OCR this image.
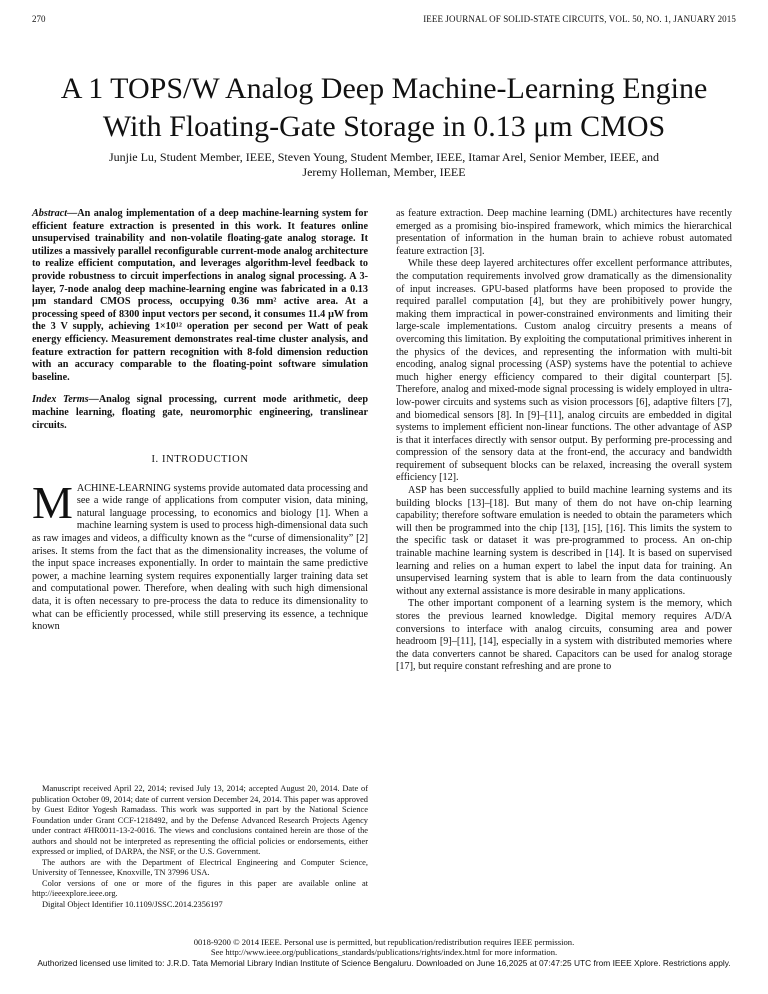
270	IEEE JOURNAL OF SOLID-STATE CIRCUITS, VOL. 50, NO. 1, JANUARY 2015
A 1 TOPS/W Analog Deep Machine-Learning Engine
With Floating-Gate Storage in 0.13 μm CMOS
Junjie Lu, Student Member, IEEE, Steven Young, Student Member, IEEE, Itamar Arel, Senior Member, IEEE, and
Jeremy Holleman, Member, IEEE
Abstract—An analog implementation of a deep machine-learning system for efficient feature extraction is presented in this work. It features online unsupervised trainability and non-volatile floating-gate analog storage. It utilizes a massively parallel reconfigurable current-mode analog architecture to realize efficient computation, and leverages algorithm-level feedback to provide robustness to circuit imperfections in analog signal processing. A 3-layer, 7-node analog deep machine-learning engine was fabricated in a 0.13 μm standard CMOS process, occupying 0.36 mm² active area. At a processing speed of 8300 input vectors per second, it consumes 11.4 μW from the 3 V supply, achieving 1×10¹² operation per second per Watt of peak energy efficiency. Measurement demonstrates real-time cluster analysis, and feature extraction for pattern recognition with 8-fold dimension reduction with an accuracy comparable to the floating-point software simulation baseline.
Index Terms—Analog signal processing, current mode arithmetic, deep machine learning, floating gate, neuromorphic engineering, translinear circuits.
I. INTRODUCTION
MACHINE-LEARNING systems provide automated data processing and see a wide range of applications from computer vision, data mining, natural language processing, to economics and biology [1]. When a machine learning system is used to process high-dimensional data such as raw images and videos, a difficulty known as the “curse of dimensionality” [2] arises. It stems from the fact that as the dimensionality increases, the volume of the input space increases exponentially. In order to maintain the same predictive power, a machine learning system requires exponentially larger training data set and computational power. Therefore, when dealing with such high dimensional data, it is often necessary to pre-process the data to reduce its dimensionality to what can be efficiently processed, while still preserving its essence, a technique known

Manuscript received April 22, 2014; revised July 13, 2014; accepted August 20, 2014. Date of publication October 09, 2014; date of current version December 24, 2014. This paper was approved by Guest Editor Yogesh Ramadass. This work was supported in part by the National Science Foundation under Grant CCF-1218492, and by the Defense Advanced Research Projects Agency under contract #HR0011-13-2-0016. The views and conclusions contained herein are those of the authors and should not be interpreted as representing the official policies or endorsements, either expressed or implied, of DARPA, the NSF, or the U.S. Government.

The authors are with the Department of Electrical Engineering and Computer Science, University of Tennessee, Knoxville, TN 37996 USA.

Color versions of one or more of the figures in this paper are available online at http://ieeexplore.ieee.org.

Digital Object Identifier 10.1109/JSSC.2014.2356197

as feature extraction. Deep machine learning (DML) architectures have recently emerged as a promising bio-inspired framework, which mimics the hierarchical presentation of information in the human brain to achieve robust automated feature extraction [3].

While these deep layered architectures offer excellent performance attributes, the computation requirements involved grow dramatically as the dimensionality of input increases. GPU-based platforms have been proposed to provide the required parallel computation [4], but they are prohibitively power hungry, making them impractical in power-constrained environments and limiting their large-scale implementations. Custom analog circuitry presents a means of overcoming this limitation. By exploiting the computational primitives inherent in the physics of the devices, and representing the information with multi-bit encoding, analog signal processing (ASP) systems have the potential to achieve much higher energy efficiency compared to their digital counterpart [5]. Therefore, analog and mixed-mode signal processing is widely employed in ultra-low-power circuits and systems such as vision processors [6], adaptive filters [7], and biomedical sensors [8]. In [9]–[11], analog circuits are embedded in digital systems to implement efficient non-linear functions. The other advantage of ASP is that it interfaces directly with sensor output. By performing pre-processing and compression of the sensory data at the front-end, the accuracy and bandwidth requirement of subsequent blocks can be relaxed, increasing the overall system efficiency [12].

ASP has been successfully applied to build machine learning systems and its building blocks [13]–[18]. But many of them do not have on-chip learning capability; therefore software emulation is needed to obtain the parameters which will then be programmed into the chip [13], [15], [16]. This limits the system to the specific task or dataset it was pre-programmed to process. An on-chip trainable machine learning system is described in [14]. It is based on supervised learning and relies on a human expert to label the input data for training. An unsupervised learning system that is able to learn from the data continuously without any external assistance is more desirable in many applications.

The other important component of a learning system is the memory, which stores the previous learned knowledge. Digital memory requires A/D/A conversions to interface with analog circuits, consuming area and power headroom [9]–[11], [14], especially in a system with distributed memories where the data converters cannot be shared. Capacitors can be used for analog storage [17], but require constant refreshing and are prone to

0018-9200 © 2014 IEEE. Personal use is permitted, but republication/redistribution requires IEEE permission.
See http://www.ieee.org/publications_standards/publications/rights/index.html for more information.
Authorized licensed use limited to: J.R.D. Tata Memorial Library Indian Institute of Science Bengaluru. Downloaded on June 16,2025 at 07:47:25 UTC from IEEE Xplore. Restrictions apply.
